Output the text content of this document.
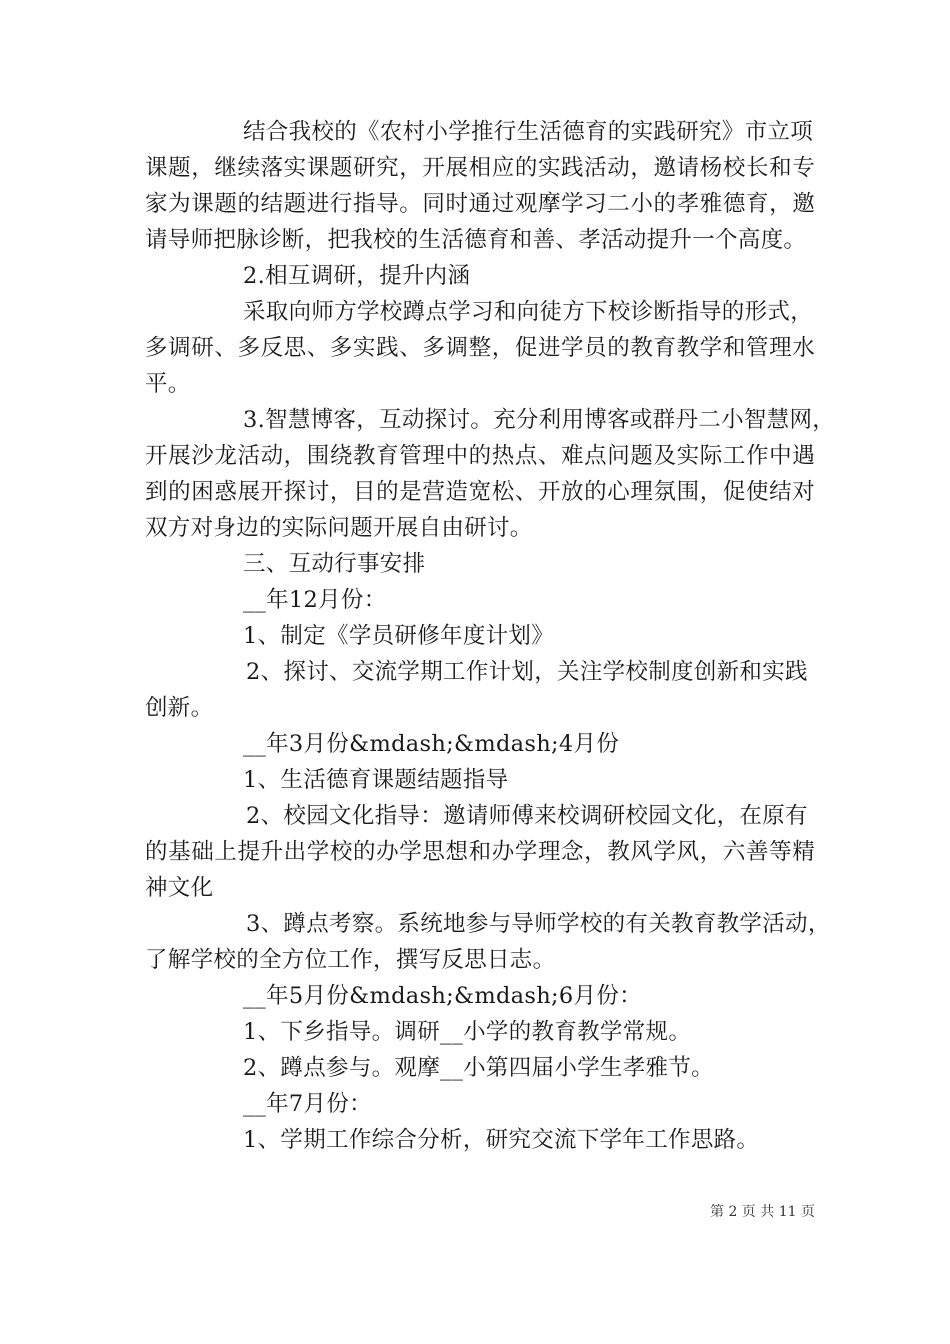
结合我校的《农村小学推行生活德育的实践研究》市立项
课题，继续落实课题研究，开展相应的实践活动，邀请杨校长和专
家为课题的结题进行指导。同时通过观摩学习二小的孝雅德育，邀
请导师把脉诊断，把我校的生活德育和善、孝活动提升一个高度。
2.相互调研，提升内涵
采取向师方学校蹲点学习和向徒方下校诊断指导的形式，
多调研、多反思、多实践、多调整，促进学员的教育教学和管理水
平。
3.智慧博客，互动探讨。充分利用博客或群丹二小智慧网，
开展沙龙活动，围绕教育管理中的热点、难点问题及实际工作中遇
到的困惑展开探讨，目的是营造宽松、开放的心理氛围，促使结对
双方对身边的实际问题开展自由研讨。
三、互动行事安排
__年12月份：
1、制定《学员研修年度计划》
2、探讨、交流学期工作计划，关注学校制度创新和实践
创新。
__年3月份&mdash;&mdash;4月份
1、生活德育课题结题指导
2、校园文化指导：邀请师傅来校调研校园文化，在原有
的基础上提升出学校的办学思想和办学理念，教风学风，六善等精
神文化
3、蹲点考察。系统地参与导师学校的有关教育教学活动，
了解学校的全方位工作，撰写反思日志。
__年5月份&mdash;&mdash;6月份：
1、下乡指导。调研__小学的教育教学常规。
2、蹲点参与。观摩__小第四届小学生孝雅节。
__年7月份：
1、学期工作综合分析，研究交流下学年工作思路。
第 2 页 共 11 页
